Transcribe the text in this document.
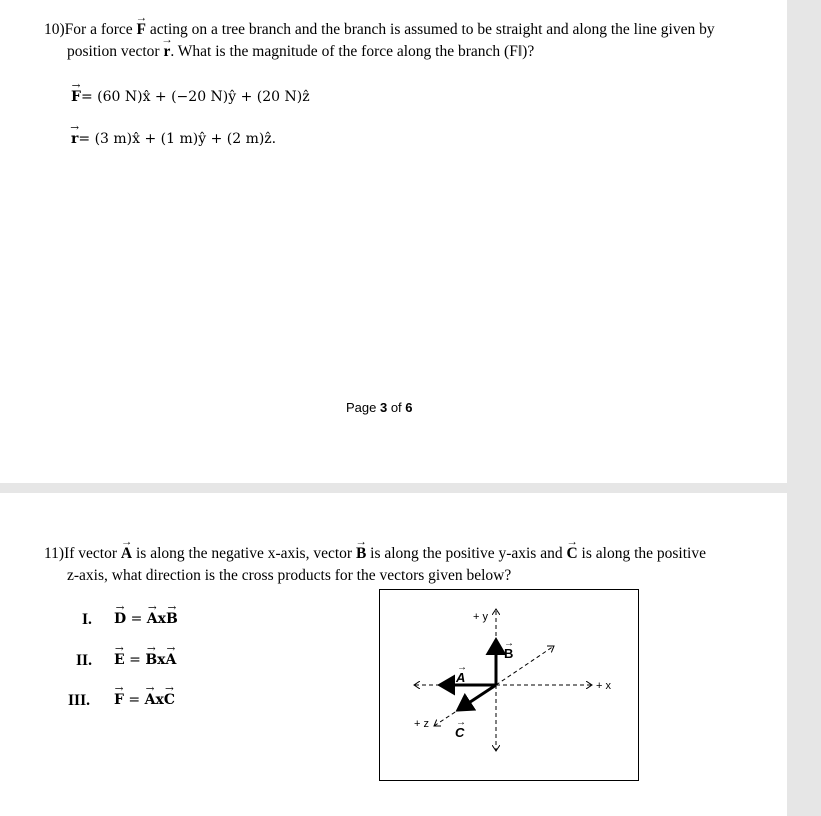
10)For a force → F acting on a tree branch and the branch is assumed to be straight and along the line given by
position vector → r. What is the magnitude of the force along the branch (F‖)?
→ F= (60 N)x̂ + (−20 N)ŷ + (20 N)ẑ
→ r= (3 m)x̂ + (1 m)ŷ + (2 m)ẑ.
Page 3 of 6
11)If vector → A is along the negative x-axis, vector → B is along the positive y-axis and → C is along the positive
z-axis, what direction is the cross products for the vectors given below?
I. → D = → Ax→ B
II. → E = → Bx→ A
III. → F = → Ax→ C
+ y
+ x
+ z
A
→
B
→
C
→
